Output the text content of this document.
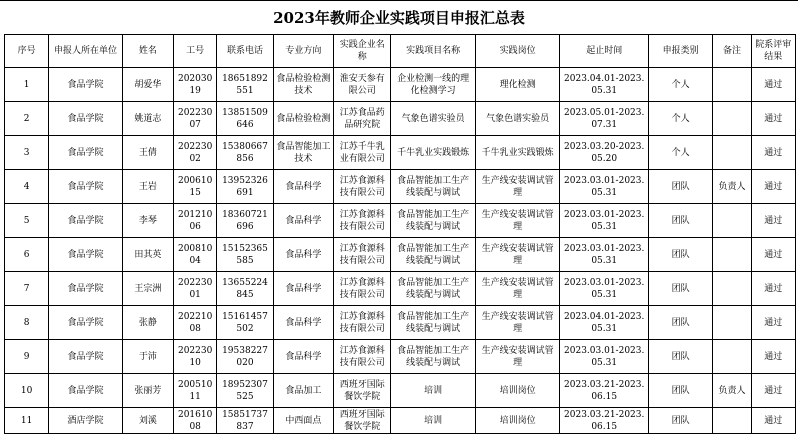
2023年教师企业实践项目申报汇总表
序号	申报人所在单位	姓名	工号	联系电话	专业方向	实践企业名称	实践项目名称	实践岗位	起止时间	申报类别	备注	院系评审结果
1	食品学院	胡爱华	20203019	18651892551	食品检验检测技术	淮安天参有限公司	企业检测一线的理化检测学习	理化检测	2023.04.01-2023.05.31	个人		通过
2	食品学院	姚道志	20223007	13851509646	食品检验检测	江苏食品药品研究院	气象色谱实验员	气象色谱实验员	2023.05.01-2023.07.31	个人		通过
3	食品学院	王倩	20223002	15380667856	食品智能加工技术	江苏千牛乳业有限公司	千牛乳业实践锻炼	千牛乳业实践锻炼	2023.03.20-2023.05.20	个人		通过
4	食品学院	王岩	20061015	13952326691	食品科学	江苏食源科技有限公司	食品智能加工生产线装配与调试	生产线安装调试管理	2023.03.01-2023.05.31	团队	负责人	通过
5	食品学院	李琴	20121006	18360721696	食品科学	江苏食源科技有限公司	食品智能加工生产线装配与调试	生产线安装调试管理	2023.03.01-2023.05.31	团队		通过
6	食品学院	田其英	20081004	15152365585	食品科学	江苏食源科技有限公司	食品智能加工生产线装配与调试	生产线安装调试管理	2023.03.01-2023.05.31	团队		通过
7	食品学院	王宗洲	20223001	13655224845	食品科学	江苏食源科技有限公司	食品智能加工生产线装配与调试	生产线安装调试管理	2023.03.01-2023.05.31	团队		通过
8	食品学院	张静	20221008	15161457502	食品科学	江苏食源科技有限公司	食品智能加工生产线装配与调试	生产线安装调试管理	2023.04.01-2023.05.31	团队		通过
9	食品学院	于沛	20223010	19538227020	食品科学	江苏食源科技有限公司	食品智能加工生产线装配与调试	生产线安装调试管理	2023.03.01-2023.05.31	团队		通过
10	食品学院	张丽芳	20051011	18952307525	食品加工	西班牙国际餐饮学院	培训	培训岗位	2023.03.21-2023.06.15	团队	负责人	通过
11	酒店学院	刘溪	20161008	15851737837	中西面点	西班牙国际餐饮学院	培训	培训岗位	2023.03.21-2023.06.15	团队		通过
